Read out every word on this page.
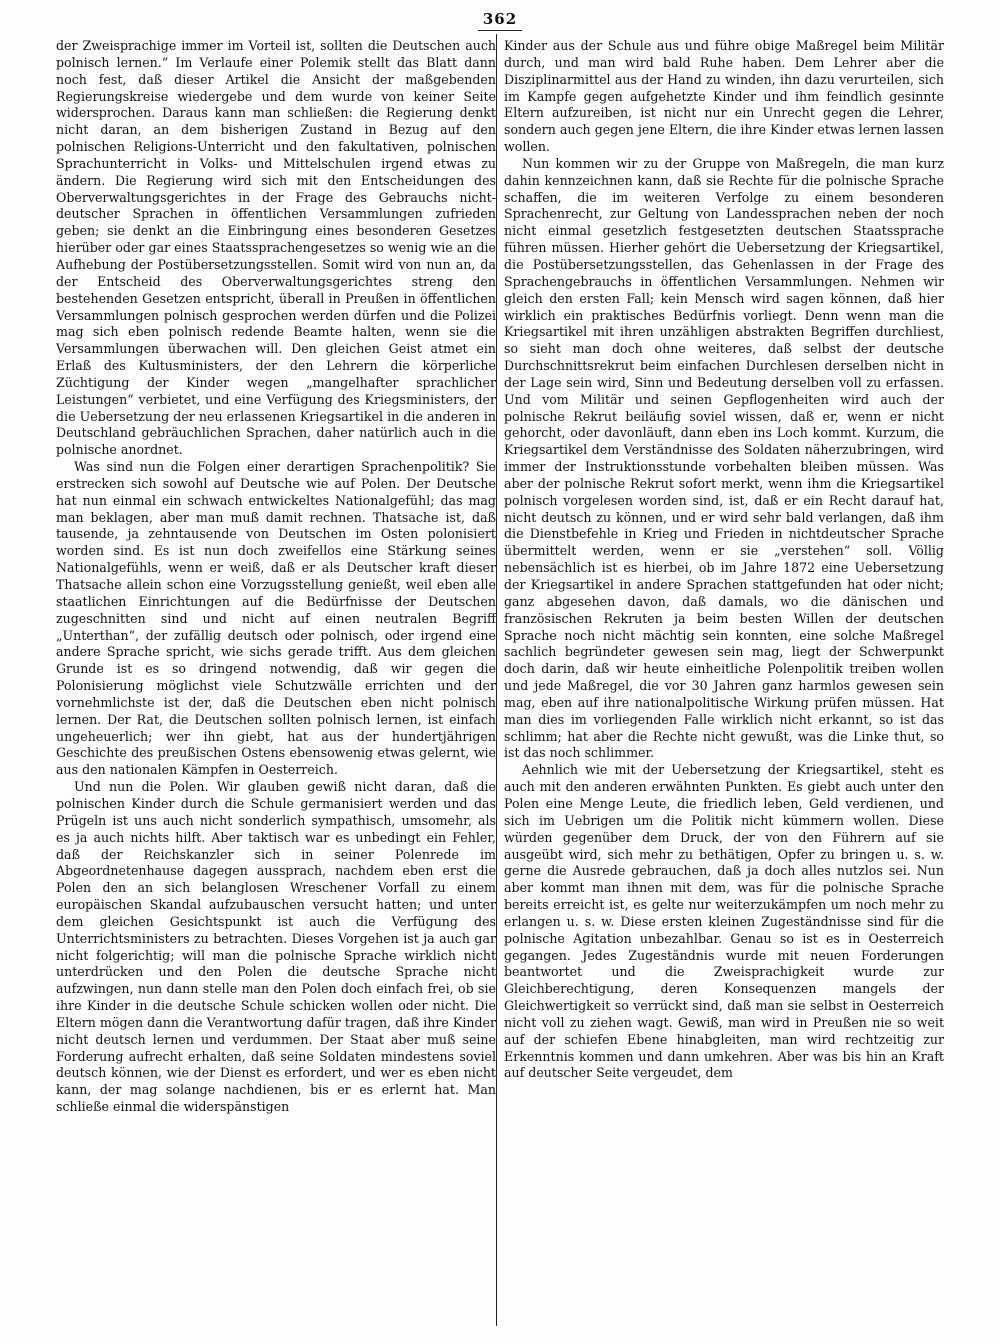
362

der Zweisprachige immer im Vorteil ist, sollten die Deutschen auch polnisch lernen.“ Im Verlaufe einer Polemik stellt das Blatt dann noch fest, daß dieser Artikel die Ansicht der maßgebenden Regierungskreise wiedergebe und dem wurde von keiner Seite widersprochen. Daraus kann man schließen: die Regierung denkt nicht daran, an dem bisherigen Zustand in Bezug auf den polnischen Religions-Unterricht und den fakultativen, polnischen Sprachunterricht in Volks- und Mittelschulen irgend etwas zu ändern. Die Regierung wird sich mit den Entscheidungen des Oberverwaltungsgerichtes in der Frage des Gebrauchs nicht-deutscher Sprachen in öffentlichen Versammlungen zufrieden geben; sie denkt an die Einbringung eines besonderen Gesetzes hierüber oder gar eines Staatssprachengesetzes so wenig wie an die Aufhebung der Postübersetzungsstellen. Somit wird von nun an, da der Entscheid des Oberverwaltungsgerichtes streng den bestehenden Gesetzen entspricht, überall in Preußen in öffentlichen Versammlungen polnisch gesprochen werden dürfen und die Polizei mag sich eben polnisch redende Beamte halten, wenn sie die Versammlungen überwachen will. Den gleichen Geist atmet ein Erlaß des Kultusministers, der den Lehrern die körperliche Züchtigung der Kinder wegen „mangelhafter sprachlicher Leistungen“ verbietet, und eine Verfügung des Kriegsministers, der die Uebersetzung der neu erlassenen Kriegsartikel in die anderen in Deutschland gebräuchlichen Sprachen, daher natürlich auch in die polnische anordnet.

Was sind nun die Folgen einer derartigen Sprachenpolitik? Sie erstrecken sich sowohl auf Deutsche wie auf Polen. Der Deutsche hat nun einmal ein schwach entwickeltes Nationalgefühl; das mag man beklagen, aber man muß damit rechnen. Thatsache ist, daß tausende, ja zehntausende von Deutschen im Osten polonisiert worden sind. Es ist nun doch zweifellos eine Stärkung seines Nationalgefühls, wenn er weiß, daß er als Deutscher kraft dieser Thatsache allein schon eine Vorzugsstellung genießt, weil eben alle staatlichen Einrichtungen auf die Bedürfnisse der Deutschen zugeschnitten sind und nicht auf einen neutralen Begriff „Unterthan“, der zufällig deutsch oder polnisch, oder irgend eine andere Sprache spricht, wie sichs gerade trifft. Aus dem gleichen Grunde ist es so dringend notwendig, daß wir gegen die Polonisierung möglichst viele Schutzwälle errichten und der vornehmlichste ist der, daß die Deutschen eben nicht polnisch lernen. Der Rat, die Deutschen sollten polnisch lernen, ist einfach ungeheuerlich; wer ihn giebt, hat aus der hundertjährigen Geschichte des preußischen Ostens ebensowenig etwas gelernt, wie aus den nationalen Kämpfen in Oesterreich.

Und nun die Polen. Wir glauben gewiß nicht daran, daß die polnischen Kinder durch die Schule germanisiert werden und das Prügeln ist uns auch nicht sonderlich sympathisch, umsomehr, als es ja auch nichts hilft. Aber taktisch war es unbedingt ein Fehler, daß der Reichskanzler sich in seiner Polenrede im Abgeordnetenhause dagegen aussprach, nachdem eben erst die Polen den an sich belanglosen Wreschener Vorfall zu einem europäischen Skandal aufzubauschen versucht hatten; und unter dem gleichen Gesichtspunkt ist auch die Verfügung des Unterrichtsministers zu betrachten. Dieses Vorgehen ist ja auch gar nicht folgerichtig; will man die polnische Sprache wirklich nicht unterdrücken und den Polen die deutsche Sprache nicht aufzwingen, nun dann stelle man den Polen doch einfach frei, ob sie ihre Kinder in die deutsche Schule schicken wollen oder nicht. Die Eltern mögen dann die Verantwortung dafür tragen, daß ihre Kinder nicht deutsch lernen und verdummen. Der Staat aber muß seine Forderung aufrecht erhalten, daß seine Soldaten mindestens soviel deutsch können, wie der Dienst es erfordert, und wer es eben nicht kann, der mag solange nachdienen, bis er es erlernt hat. Man schließe einmal die widerspänstigen

Kinder aus der Schule aus und führe obige Maßregel beim Militär durch, und man wird bald Ruhe haben. Dem Lehrer aber die Disziplinarmittel aus der Hand zu winden, ihn dazu verurteilen, sich im Kampfe gegen aufgehetzte Kinder und ihm feindlich gesinnte Eltern aufzureiben, ist nicht nur ein Unrecht gegen die Lehrer, sondern auch gegen jene Eltern, die ihre Kinder etwas lernen lassen wollen.

Nun kommen wir zu der Gruppe von Maßregeln, die man kurz dahin kennzeichnen kann, daß sie Rechte für die polnische Sprache schaffen, die im weiteren Verfolge zu einem besonderen Sprachenrecht, zur Geltung von Landessprachen neben der noch nicht einmal gesetzlich festgesetzten deutschen Staatssprache führen müssen. Hierher gehört die Uebersetzung der Kriegsartikel, die Postübersetzungsstellen, das Gehenlassen in der Frage des Sprachengebrauchs in öffentlichen Versammlungen. Nehmen wir gleich den ersten Fall; kein Mensch wird sagen können, daß hier wirklich ein praktisches Bedürfnis vorliegt. Denn wenn man die Kriegsartikel mit ihren unzähligen abstrakten Begriffen durchliest, so sieht man doch ohne weiteres, daß selbst der deutsche Durchschnittsrekrut beim einfachen Durchlesen derselben nicht in der Lage sein wird, Sinn und Bedeutung derselben voll zu erfassen. Und vom Militär und seinen Gepflogenheiten wird auch der polnische Rekrut beiläufig soviel wissen, daß er, wenn er nicht gehorcht, oder davonläuft, dann eben ins Loch kommt. Kurzum, die Kriegsartikel dem Verständnisse des Soldaten näherzubringen, wird immer der Instruktionsstunde vorbehalten bleiben müssen. Was aber der polnische Rekrut sofort merkt, wenn ihm die Kriegsartikel polnisch vorgelesen worden sind, ist, daß er ein Recht darauf hat, nicht deutsch zu können, und er wird sehr bald verlangen, daß ihm die Dienstbefehle in Krieg und Frieden in nichtdeutscher Sprache übermittelt werden, wenn er sie „verstehen“ soll. Völlig nebensächlich ist es hierbei, ob im Jahre 1872 eine Uebersetzung der Kriegsartikel in andere Sprachen stattgefunden hat oder nicht; ganz abgesehen davon, daß damals, wo die dänischen und französischen Rekruten ja beim besten Willen der deutschen Sprache noch nicht mächtig sein konnten, eine solche Maßregel sachlich begründeter gewesen sein mag, liegt der Schwerpunkt doch darin, daß wir heute einheitliche Polenpolitik treiben wollen und jede Maßregel, die vor 30 Jahren ganz harmlos gewesen sein mag, eben auf ihre nationalpolitische Wirkung prüfen müssen. Hat man dies im vorliegenden Falle wirklich nicht erkannt, so ist das schlimm; hat aber die Rechte nicht gewußt, was die Linke thut, so ist das noch schlimmer.

Aehnlich wie mit der Uebersetzung der Kriegsartikel, steht es auch mit den anderen erwähnten Punkten. Es giebt auch unter den Polen eine Menge Leute, die friedlich leben, Geld verdienen, und sich im Uebrigen um die Politik nicht kümmern wollen. Diese würden gegenüber dem Druck, der von den Führern auf sie ausgeübt wird, sich mehr zu bethätigen, Opfer zu bringen u. s. w. gerne die Ausrede gebrauchen, daß ja doch alles nutzlos sei. Nun aber kommt man ihnen mit dem, was für die polnische Sprache bereits erreicht ist, es gelte nur weiterzukämpfen um noch mehr zu erlangen u. s. w. Diese ersten kleinen Zugeständnisse sind für die polnische Agitation unbezahlbar. Genau so ist es in Oesterreich gegangen. Jedes Zugeständnis wurde mit neuen Forderungen beantwortet und die Zweisprachigkeit wurde zur Gleichberechtigung, deren Konsequenzen mangels der Gleichwertigkeit so verrückt sind, daß man sie selbst in Oesterreich nicht voll zu ziehen wagt. Gewiß, man wird in Preußen nie so weit auf der schiefen Ebene hinabgleiten, man wird rechtzeitig zur Erkenntnis kommen und dann umkehren. Aber was bis hin an Kraft auf deutscher Seite vergeudet, dem
